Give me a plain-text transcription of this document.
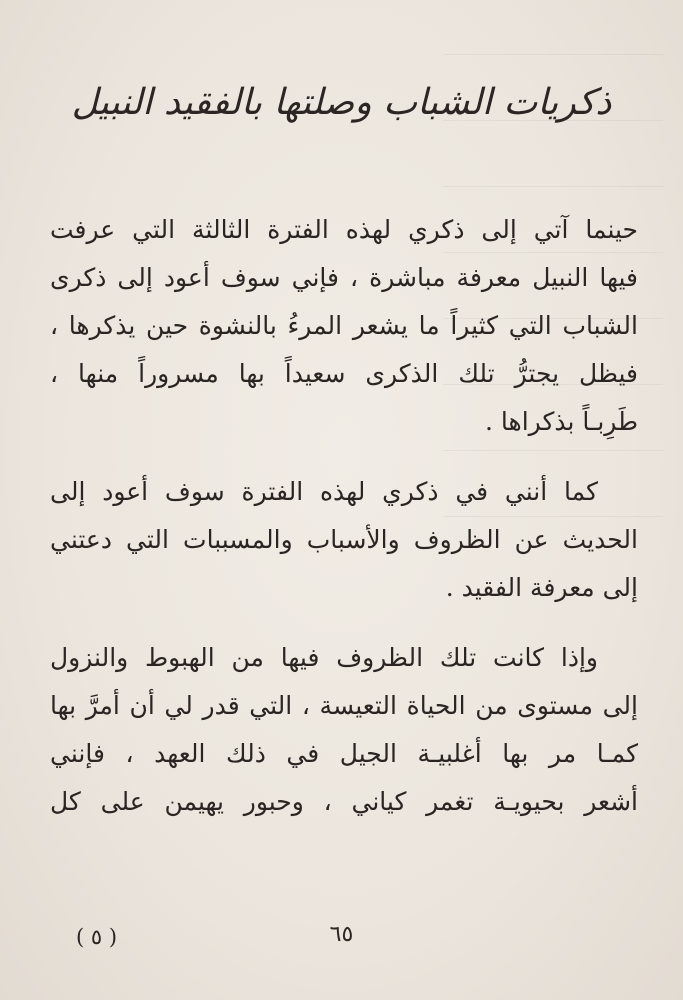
ذكريات الشباب وصلتها بالفقيد النبيل
حينما آتي إلى ذكري لهذه الفترة الثالثة التي عرفت
فيها النبيل معرفة مباشرة ، فإني سوف أعود إلى ذكرى
الشباب التي كثيراً ما يشعر المرءُ بالنشوة حين يذكرها ،
فيظل يجترُّ تلك الذكرى سعيداً بها مسروراً منها ،
طَرِبـاً بذكراها .
كما أنني في ذكري لهذه الفترة سوف أعود إلى
الحديث عن الظروف والأسباب والمسببات التي دعتني
إلى معرفة الفقيد .
وإذا كانت تلك الظروف فيها من الهبوط والنزول
إلى مستوى من الحياة التعيسة ، التي قدر لي أن أمرَّ بها
كمـا مر بها أغلبيـة الجيل في ذلك العهد ، فإنني
أشعر بحيويـة تغمر كياني ، وحبور يهيمن على كل
( ٥ )	٦٥
